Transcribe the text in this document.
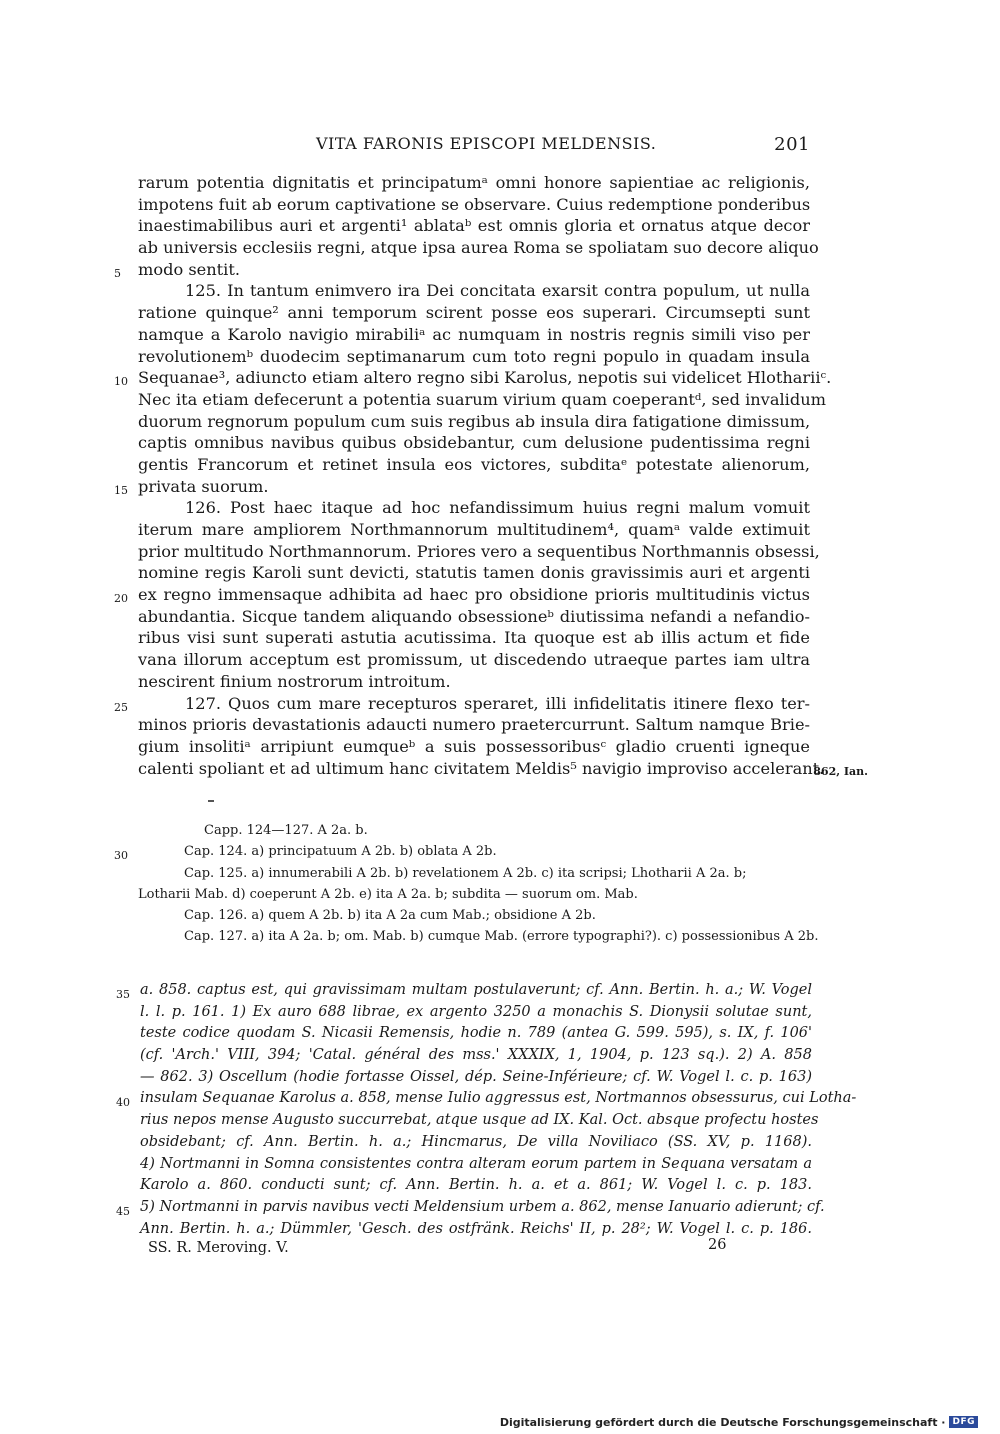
VITA FARONIS EPISCOPI MELDENSIS.	201
rarum potentia dignitatis et principatumᵃ omni honore sapientiae ac religionis,
impotens fuit ab eorum captivatione se observare. Cuius redemptione ponderibus
inaestimabilibus auri et argenti¹ ablataᵇ est omnis gloria et ornatus atque decor
ab universis ecclesiis regni, atque ipsa aurea Roma se spoliatam suo decore aliquo
5	modo sentit.
125. In tantum enimvero ira Dei concitata exarsit contra populum, ut nulla
ratione quinque² anni temporum scirent posse eos superari. Circumsepti sunt
namque a Karolo navigio mirabiliᵃ ac numquam in nostris regnis simili viso per
revolutionemᵇ duodecim septimanarum cum toto regni populo in quadam insula
10 Sequanae³, adiuncto etiam altero regno sibi Karolus, nepotis sui videlicet Hlothariiᶜ.
Nec ita etiam defecerunt a potentia suarum virium quam coeperantᵈ, sed invalidum
duorum regnorum populum cum suis regibus ab insula dira fatigatione dimissum,
captis omnibus navibus quibus obsidebantur, cum delusione pudentissima regni
gentis Francorum et retinet insula eos victores, subditaᵉ potestate alienorum,
15 privata suorum.
126. Post haec itaque ad hoc nefandissimum huius regni malum vomuit
iterum mare ampliorem Northmannorum multitudinem⁴, quamᵃ valde extimuit
prior multitudo Northmannorum. Priores vero a sequentibus Northmannis obsessi,
nomine regis Karoli sunt devicti, statutis tamen donis gravissimis auri et argenti
20 ex regno immensaque adhibita ad haec pro obsidione prioris multitudinis victus
abundantia. Sicque tandem aliquando obsessioneᵇ diutissima nefandi a nefandio-
ribus visi sunt superati astutia acutissima. Ita quoque est ab illis actum et fide
vana illorum acceptum est promissum, ut discedendo utraeque partes iam ultra
nescirent finium nostrorum introitum.
25	127. Quos cum mare recepturos speraret, illi infidelitatis itinere flexo ter-
minos prioris devastationis adaucti numero praetercurrunt. Saltum namque Brie-
gium insolitiᵃ arripiunt eumqueᵇ a suis possessoribusᶜ gladio cruenti igneque
calenti spoliant et ad ultimum hanc civitatem Meldis⁵ navigio improviso accelerant.
862, Ian.
Capp. 124—127. A 2a. b.
30	Cap. 124. a) principatuum A 2b. b) oblata A 2b.
Cap. 125. a) innumerabili A 2b. b) revelationem A 2b. c) ita scripsi; Lhotharii A 2a. b;
Lotharii Mab. d) coeperunt A 2b. e) ita A 2a. b; subdita — suorum om. Mab.
Cap. 126. a) quem A 2b. b) ita A 2a cum Mab.; obsidione A 2b.
Cap. 127. a) ita A 2a. b; om. Mab. b) cumque Mab. (errore typographi?). c) possessionibus A 2b.
35 a. 858. captus est, qui gravissimam multam postulaverunt; cf. Ann. Bertin. h. a.; W. Vogel
l. l. p. 161. 1) Ex auro 688 librae, ex argento 3250 a monachis S. Dionysii solutae sunt,
teste codice quodam S. Nicasii Remensis, hodie n. 789 (antea G. 599. 595), s. IX, f. 106'
(cf. 'Arch.' VIII, 394; 'Catal. général des mss.' XXXIX, 1, 1904, p. 123 sq.). 2) A. 858
— 862. 3) Oscellum (hodie fortasse Oissel, dép. Seine-Inférieure; cf. W. Vogel l. c. p. 163)
40 insulam Sequanae Karolus a. 858, mense Iulio aggressus est, Nortmannos obsessurus, cui Lotha-
rius nepos mense Augusto succurrebat, atque usque ad IX. Kal. Oct. absque profectu hostes
obsidebant; cf. Ann. Bertin. h. a.; Hincmarus, De villa Noviliaco (SS. XV, p. 1168).
4) Nortmanni in Somna consistentes contra alteram eorum partem in Sequana versatam a
Karolo a. 860. conducti sunt; cf. Ann. Bertin. h. a. et a. 861; W. Vogel l. c. p. 183.
45 5) Nortmanni in parvis navibus vecti Meldensium urbem a. 862, mense Ianuario adierunt; cf.
Ann. Bertin. h. a.; Dümmler, 'Gesch. des ostfränk. Reichs' II, p. 28²; W. Vogel l. c. p. 186.
SS. R. Meroving. V.	26
Digitalisierung gefördert durch die Deutsche Forschungsgemeinschaft · DFG
